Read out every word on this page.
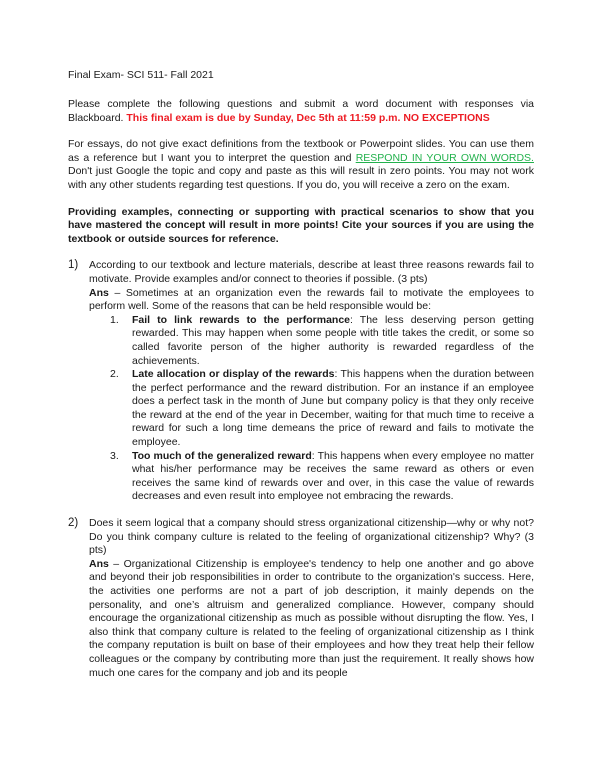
Final Exam- SCI 511- Fall 2021

Please complete the following questions and submit a word document with responses via Blackboard. This final exam is due by Sunday, Dec 5th at 11:59 p.m. NO EXCEPTIONS

For essays, do not give exact definitions from the textbook or Powerpoint slides. You can use them as a reference but I want you to interpret the question and RESPOND IN YOUR OWN WORDS. Don't just Google the topic and copy and paste as this will result in zero points. You may not work with any other students regarding test questions. If you do, you will receive a zero on the exam.

Providing examples, connecting or supporting with practical scenarios to show that you have mastered the concept will result in more points! Cite your sources if you are using the textbook or outside sources for reference.

1) According to our textbook and lecture materials, describe at least three reasons rewards fail to motivate. Provide examples and/or connect to theories if possible. (3 pts)
Ans – Sometimes at an organization even the rewards fail to motivate the employees to perform well. Some of the reasons that can be held responsible would be:
1. Fail to link rewards to the performance: The less deserving person getting rewarded. This may happen when some people with title takes the credit, or some so called favorite person of the higher authority is rewarded regardless of the achievements.
2. Late allocation or display of the rewards: This happens when the duration between the perfect performance and the reward distribution. For an instance if an employee does a perfect task in the month of June but company policy is that they only receive the reward at the end of the year in December, waiting for that much time to receive a reward for such a long time demeans the price of reward and fails to motivate the employee.
3. Too much of the generalized reward: This happens when every employee no matter what his/her performance may be receives the same reward as others or even receives the same kind of rewards over and over, in this case the value of rewards decreases and even result into employee not embracing the rewards.
2) Does it seem logical that a company should stress organizational citizenship—why or why not? Do you think company culture is related to the feeling of organizational citizenship? Why? (3 pts)
Ans – Organizational Citizenship is employee's tendency to help one another and go above and beyond their job responsibilities in order to contribute to the organization's success. Here, the activities one performs are not a part of job description, it mainly depends on the personality, and one’s altruism and generalized compliance. However, company should encourage the organizational citizenship as much as possible without disrupting the flow. Yes, I also think that company culture is related to the feeling of organizational citizenship as I think the company reputation is built on base of their employees and how they treat help their fellow colleagues or the company by contributing more than just the requirement. It really shows how much one cares for the company and job and its people
